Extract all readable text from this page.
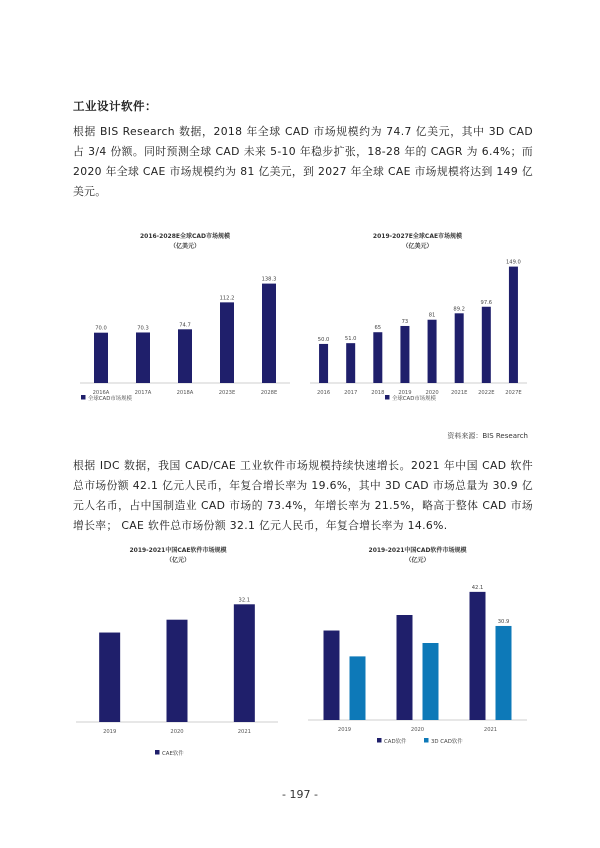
工业设计软件：

根据 BIS Research 数据，2018 年全球 CAD 市场规模约为 74.7 亿美元，其中 3D CAD 占 3/4 份额。同时预测全球 CAD 未来 5-10 年稳步扩张，18-28 年的 CAGR 为 6.4%；而 2020 年全球 CAE 市场规模约为 81 亿美元，到 2027 年全球 CAE 市场规模将达到 149 亿美元。

2016-2028E全球CAD市场规模
（亿美元）
2016A
70.0
2017A
70.3
2018A
74.7
2023E
112.2
2028E
138.3
全球CAD市场规模
2019-2027E全球CAE市场规模
（亿美元）
2016
50.0
2017
51.0
2018
65
2019
73
2020
81
2021E
89.2
2022E
97.6
2027E
149.0
全球CAD市场规模
资料来源：BIS Research

根据 IDC 数据，我国 CAD/CAE 工业软件市场规模持续快速增长。2021 年中国 CAD 软件总市场份额 42.1 亿元人民币，年复合增长率为 19.6%，其中 3D CAD 市场总量为 30.9 亿元人名币，占中国制造业 CAD 市场的 73.4%，年增长率为 21.5%，略高于整体 CAD 市场增长率； CAE 软件总市场份额 32.1 亿元人民币，年复合增长率为 14.6%.

2019-2021中国CAE软件市场规模
（亿元）
2019	2020	2021
32.1
CAE软件
2019-2021中国CAD软件市场规模
（亿元）
2019	2020	2021
42.1
30.9
CAD软件	3D CAD软件
- 197 -
